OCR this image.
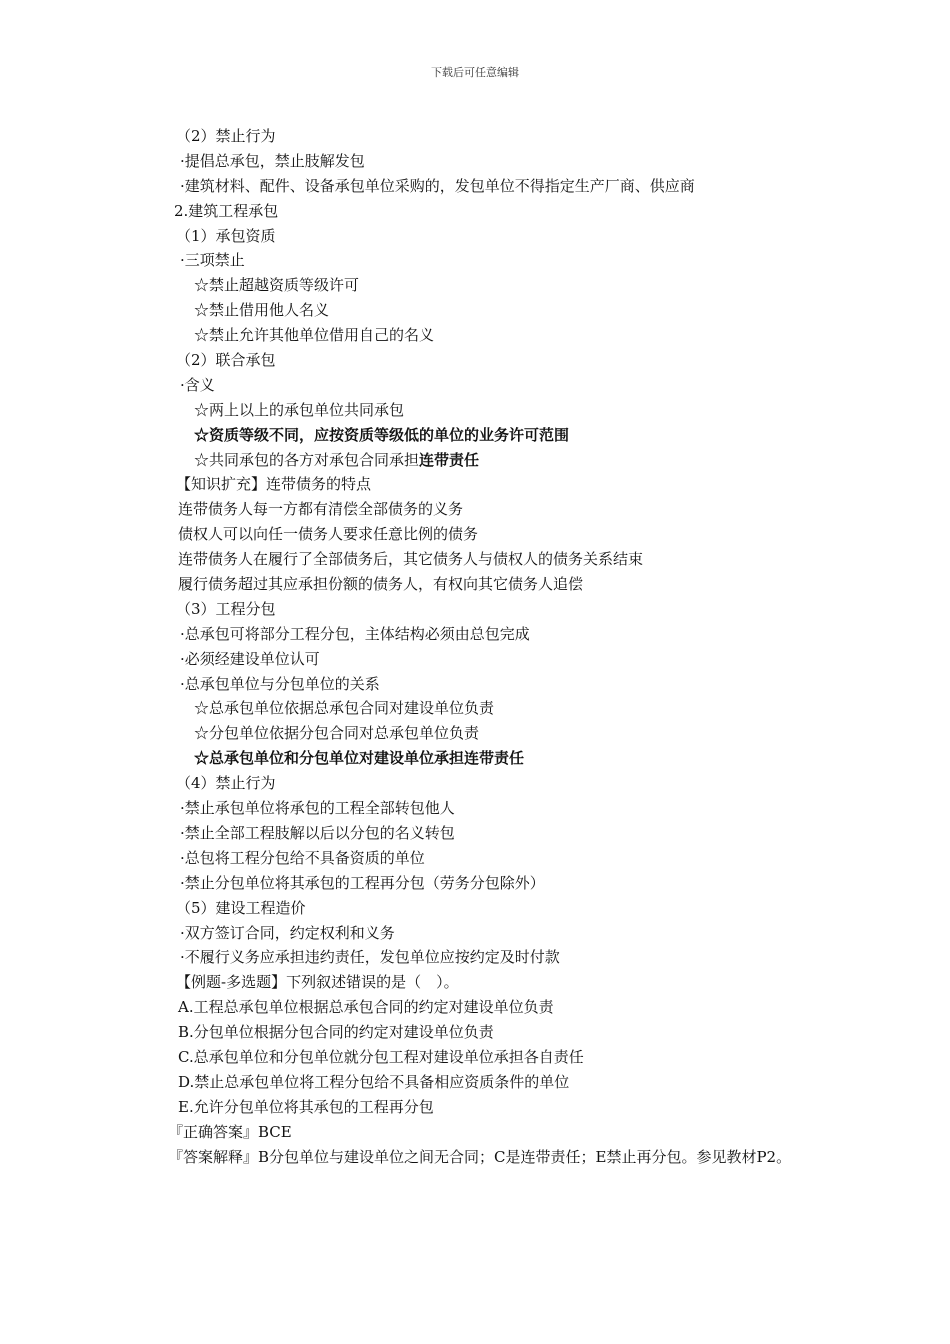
下载后可任意编辑
（2）禁止行为
·提倡总承包，禁止肢解发包
·建筑材料、配件、设备承包单位采购的，发包单位不得指定生产厂商、供应商
2.建筑工程承包
（1）承包资质
·三项禁止
☆禁止超越资质等级许可
☆禁止借用他人名义
☆禁止允许其他单位借用自己的名义
（2）联合承包
·含义
☆两上以上的承包单位共同承包
☆资质等级不同，应按资质等级低的单位的业务许可范围
☆共同承包的各方对承包合同承担连带责任
【知识扩充】连带债务的特点
连带债务人每一方都有清偿全部债务的义务
债权人可以向任一债务人要求任意比例的债务
连带债务人在履行了全部债务后，其它债务人与债权人的债务关系结束
履行债务超过其应承担份额的债务人，有权向其它债务人追偿
（3）工程分包
·总承包可将部分工程分包，主体结构必须由总包完成
·必须经建设单位认可
·总承包单位与分包单位的关系
☆总承包单位依据总承包合同对建设单位负责
☆分包单位依据分包合同对总承包单位负责
☆总承包单位和分包单位对建设单位承担连带责任
（4）禁止行为
·禁止承包单位将承包的工程全部转包他人
·禁止全部工程肢解以后以分包的名义转包
·总包将工程分包给不具备资质的单位
·禁止分包单位将其承包的工程再分包（劳务分包除外）
（5）建设工程造价
·双方签订合同，约定权利和义务
·不履行义务应承担违约责任，发包单位应按约定及时付款
【例题-多选题】下列叙述错误的是（　）。
A.工程总承包单位根据总承包合同的约定对建设单位负责
B.分包单位根据分包合同的约定对建设单位负责
C.总承包单位和分包单位就分包工程对建设单位承担各自责任
D.禁止总承包单位将工程分包给不具备相应资质条件的单位
E.允许分包单位将其承包的工程再分包
『正确答案』BCE
『答案解释』B分包单位与建设单位之间无合同；C是连带责任；E禁止再分包。参见教材P2。
